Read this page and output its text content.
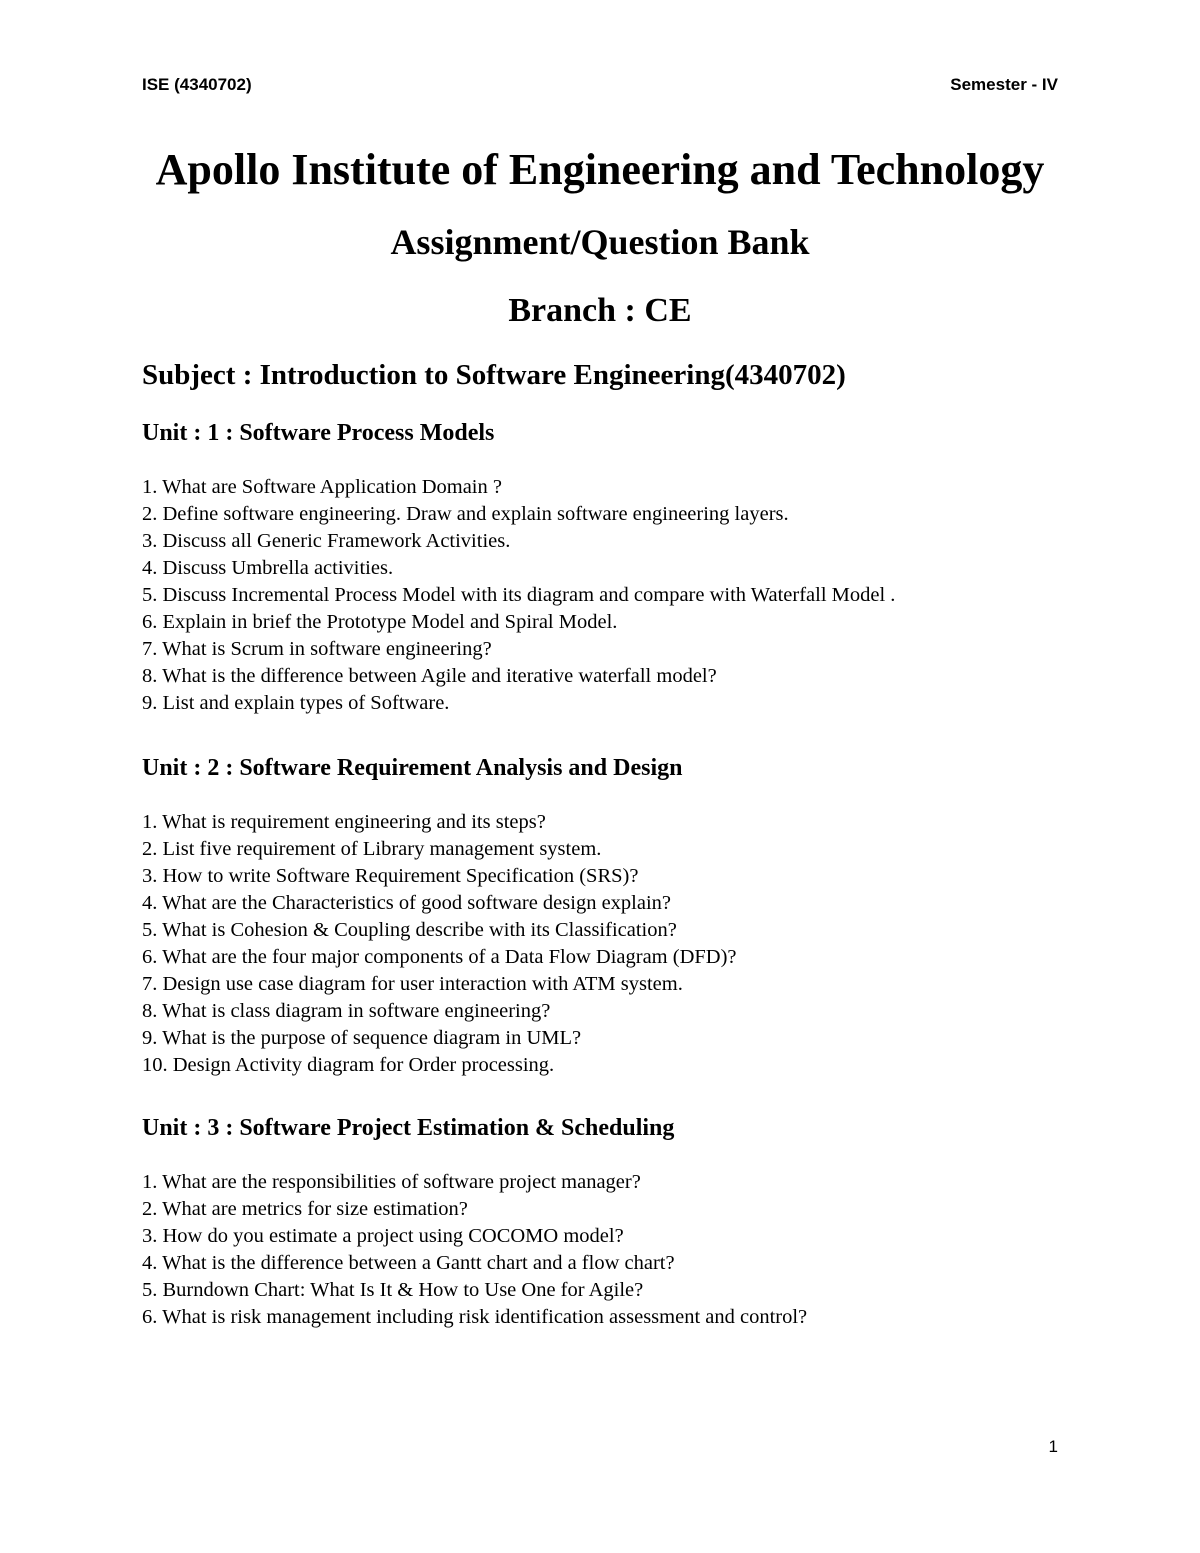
ISE (4340702)	Semester - IV
Apollo Institute of Engineering and Technology
Assignment/Question Bank
Branch : CE
Subject : Introduction to Software Engineering(4340702)
Unit : 1 : Software Process Models
1. What are Software Application Domain ?
2. Define software engineering. Draw and explain software engineering layers.
3. Discuss all Generic Framework Activities.
4. Discuss Umbrella activities.
5. Discuss Incremental Process Model with its diagram and compare with Waterfall Model .
6. Explain in brief the Prototype Model and Spiral Model.
7. What is Scrum in software engineering?
8. What is the difference between Agile and iterative waterfall model?
9. List and explain types of Software.
Unit : 2 : Software Requirement Analysis and Design
1. What is requirement engineering and its steps?
2. List five requirement of Library management system.
3. How to write Software Requirement Specification (SRS)?
4. What are the Characteristics of good software design explain?
5. What is Cohesion & Coupling describe with its Classification?
6. What are the four major components of a Data Flow Diagram (DFD)?
7. Design use case diagram for user interaction with ATM system.
8. What is class diagram in software engineering?
9. What is the purpose of sequence diagram in UML?
10. Design Activity diagram for Order processing.
Unit : 3 : Software Project Estimation & Scheduling
1. What are the responsibilities of software project manager?
2. What are metrics for size estimation?
3. How do you estimate a project using COCOMO model?
4. What is the difference between a Gantt chart and a flow chart?
5. Burndown Chart: What Is It & How to Use One for Agile?
6. What is risk management including risk identification assessment and control?
1
